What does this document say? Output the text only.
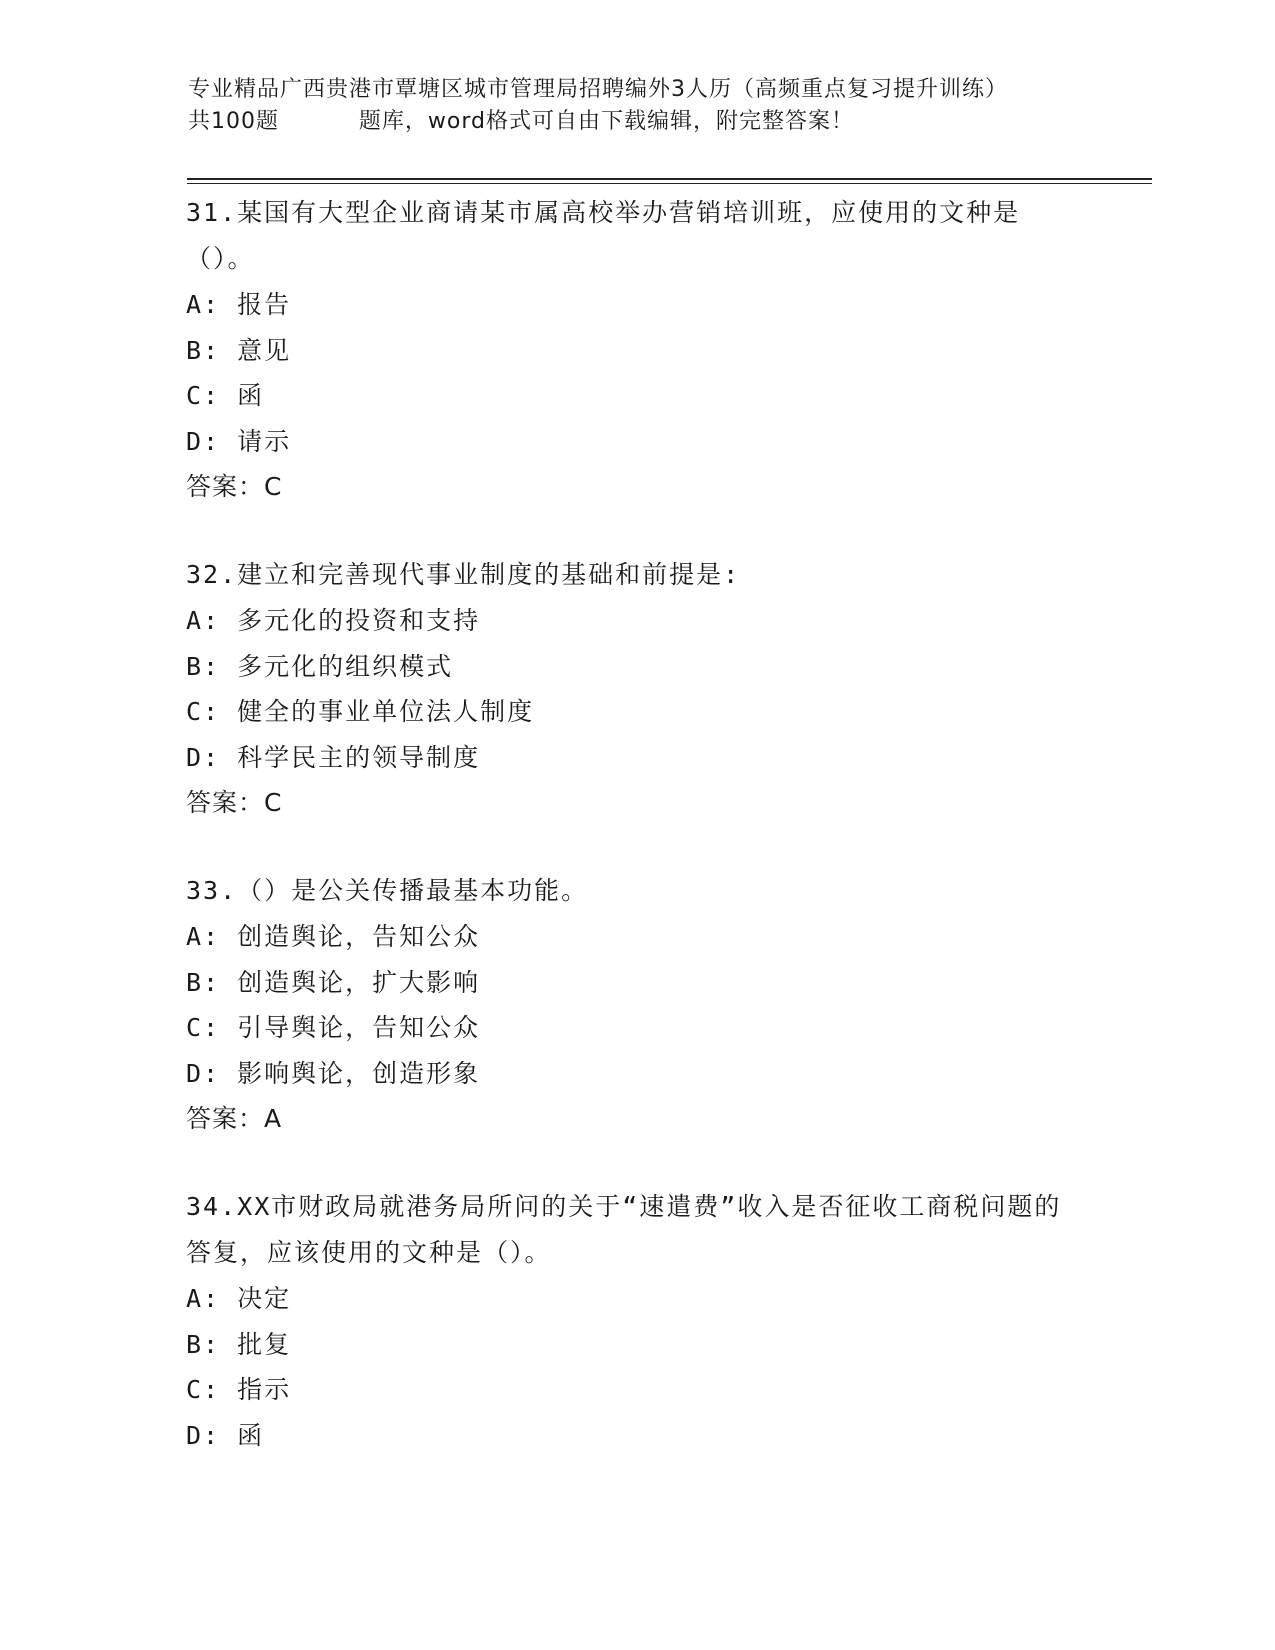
专业精品广西贵港市覃塘区城市管理局招聘编外3人历（高频重点复习提升训练）
共100题          题库，word格式可自由下载编辑，附完整答案！
31.某国有大型企业商请某市属高校举办营销培训班，应使用的文种是（）。
A: 报告
B: 意见
C: 函
D: 请示
答案：C
32.建立和完善现代事业制度的基础和前提是:
A: 多元化的投资和支持
B: 多元化的组织模式
C: 健全的事业单位法人制度
D: 科学民主的领导制度
答案：C
33.（）是公关传播最基本功能。
A: 创造舆论，告知公众
B: 创造舆论，扩大影响
C: 引导舆论，告知公众
D: 影响舆论，创造形象
答案：A
34.XX市财政局就港务局所问的关于“速遣费”收入是否征收工商税问题的答复，应该使用的文种是（）。
A: 决定
B: 批复
C: 指示
D: 函
